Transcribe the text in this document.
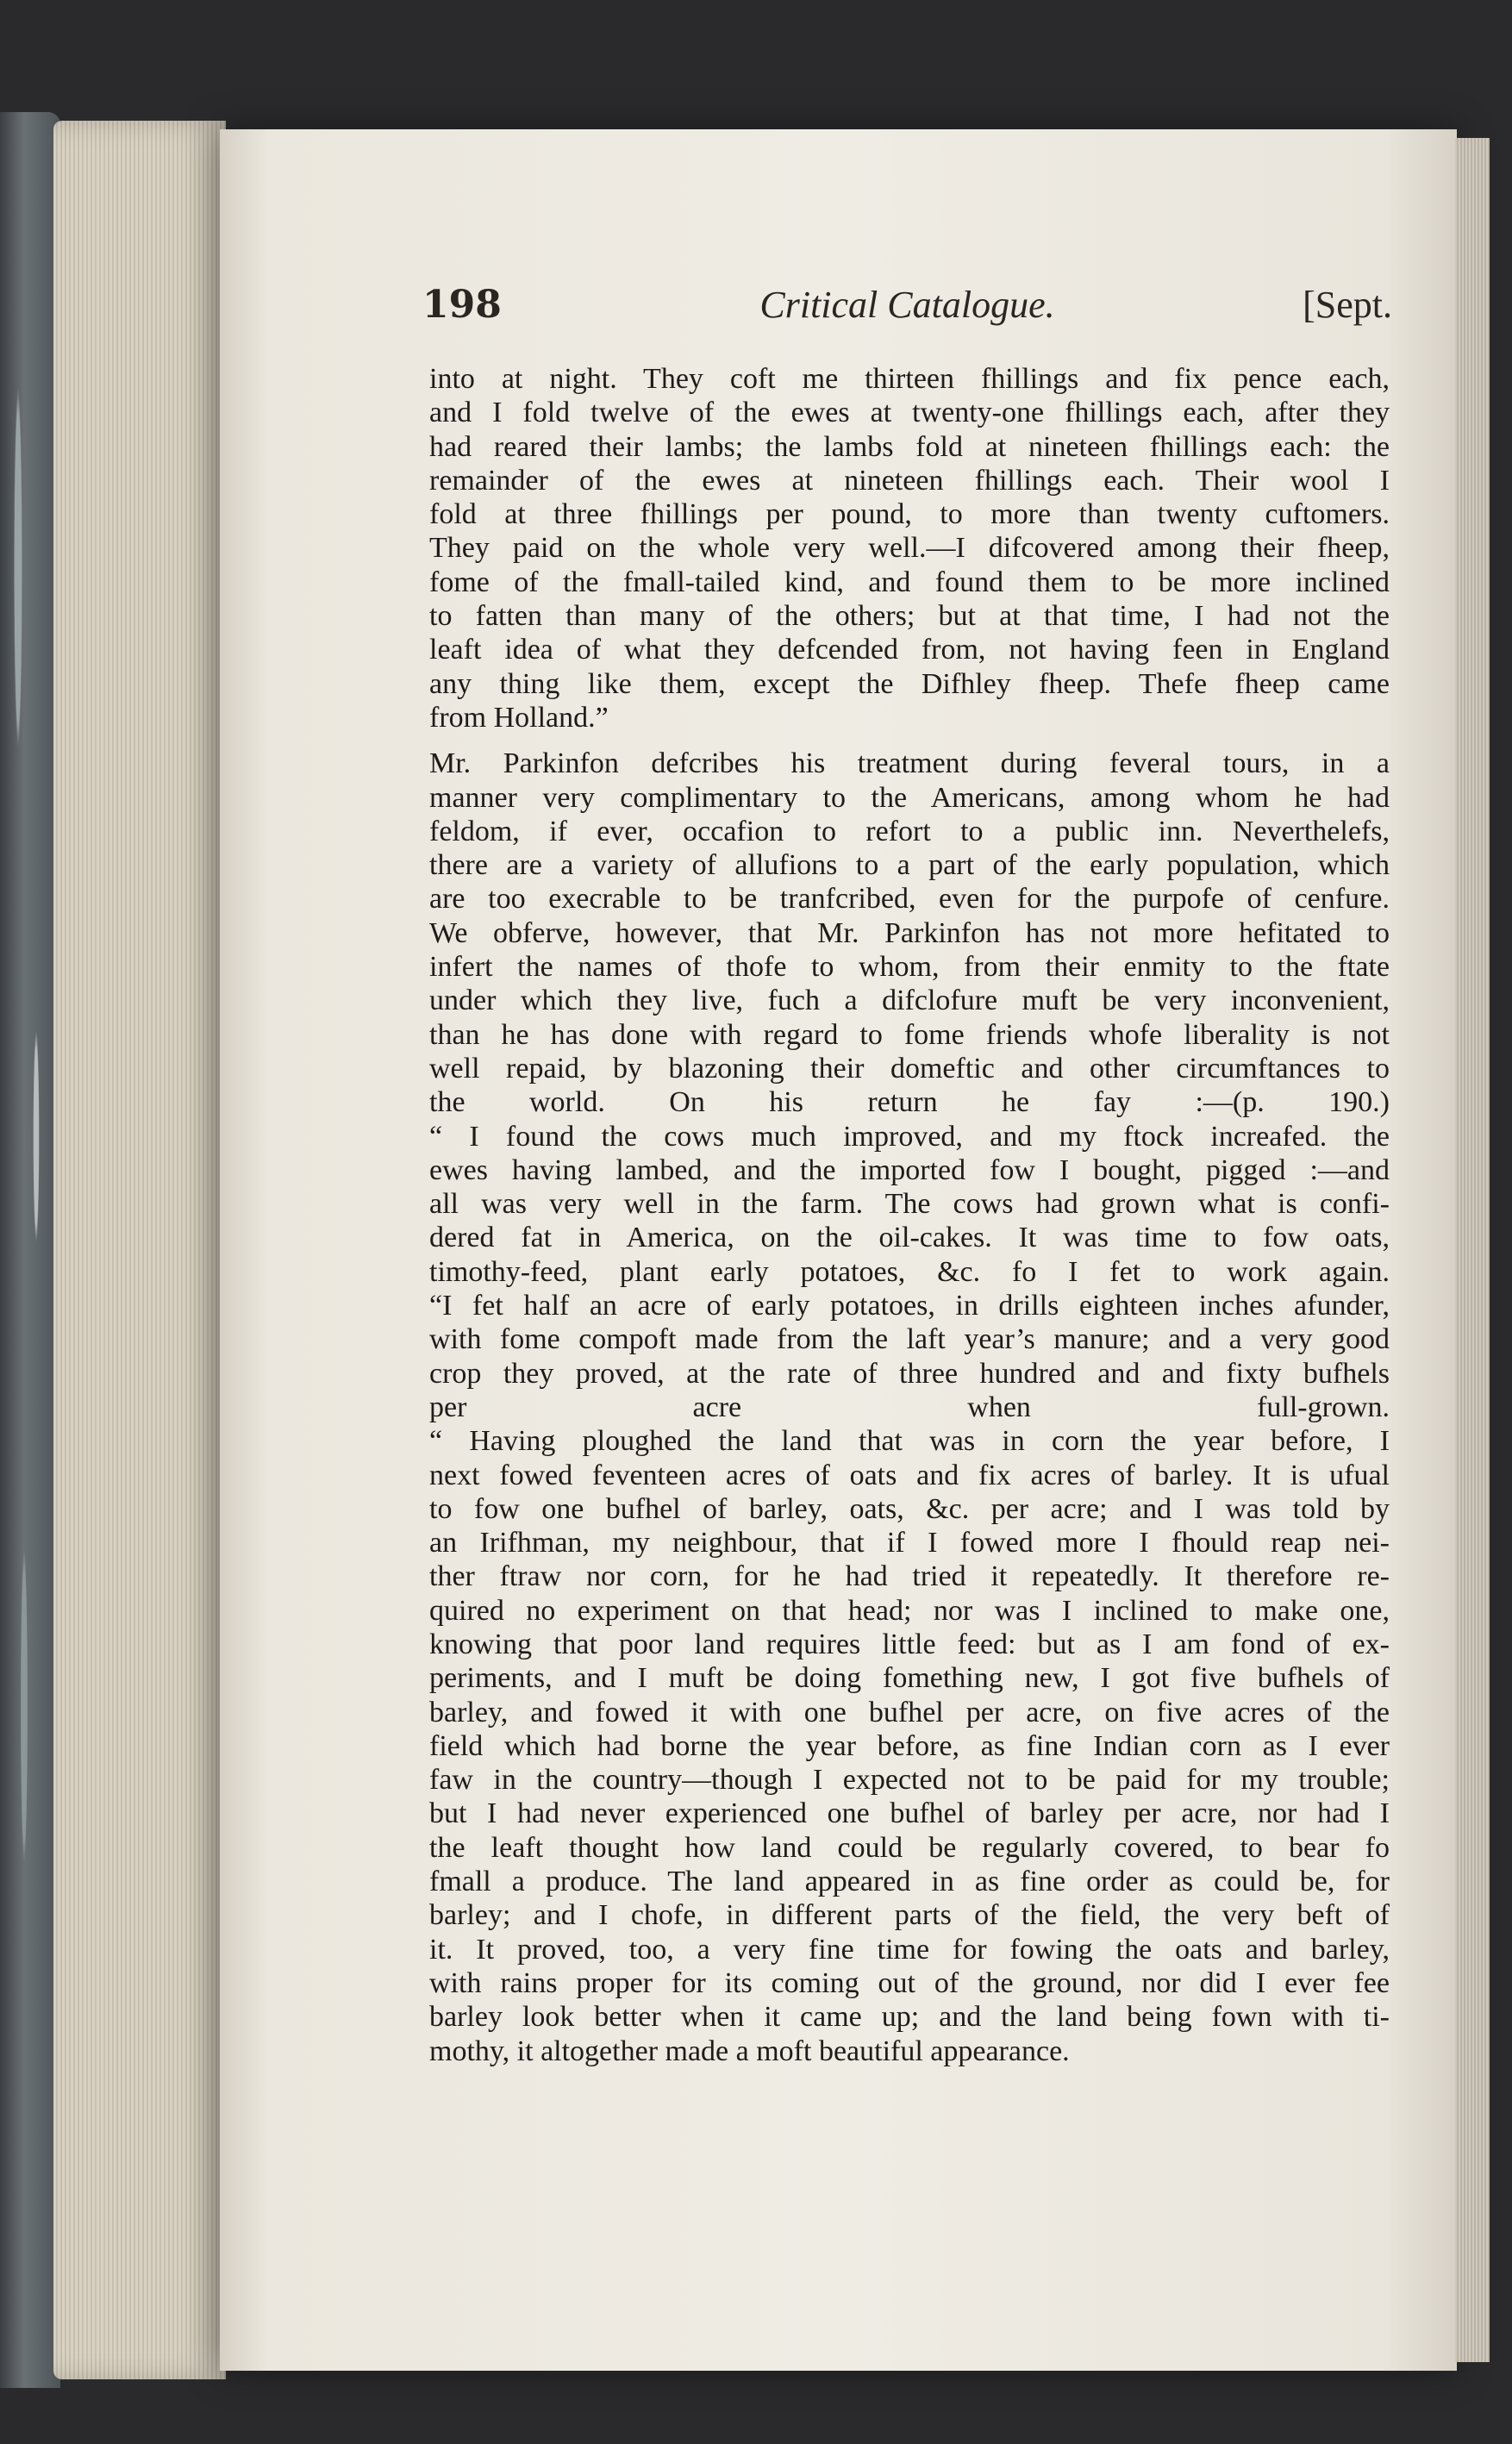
198	Critical Catalogue.	[Sept.
into at night. They coft me thirteen fhillings and fix pence each,
and I fold twelve of the ewes at twenty-one fhillings each, after they
had reared their lambs; the lambs fold at nineteen fhillings each: the
remainder of the ewes at nineteen fhillings each. Their wool I
fold at three fhillings per pound, to more than twenty cuftomers.
They paid on the whole very well.—I difcovered among their fheep,
fome of the fmall-tailed kind, and found them to be more inclined
to fatten than many of the others; but at that time, I had not the
leaft idea of what they defcended from, not having feen in England
any thing like them, except the Difhley fheep. Thefe fheep came
from Holland.”
Mr. Parkinfon defcribes his treatment during feveral tours, in a
manner very complimentary to the Americans, among whom he had
feldom, if ever, occafion to refort to a public inn. Neverthelefs,
there are a variety of allufions to a part of the early population, which
are too execrable to be tranfcribed, even for the purpofe of cenfure.
We obferve, however, that Mr. Parkinfon has not more hefitated to
infert the names of thofe to whom, from their enmity to the ftate
under which they live, fuch a difclofure muft be very inconvenient,
than he has done with regard to fome friends whofe liberality is not
well repaid, by blazoning their domeftic and other circumftances to
the world. On his return he fay :—(p. 190.)
“ I found the cows much improved, and my ftock increafed. the
ewes having lambed, and the imported fow I bought, pigged :—and
all was very well in the farm. The cows had grown what is confi-
dered fat in America, on the oil-cakes. It was time to fow oats,
timothy-feed, plant early potatoes, &c. fo I fet to work again.
“I fet half an acre of early potatoes, in drills eighteen inches afunder,
with fome compoft made from the laft year’s manure; and a very good
crop they proved, at the rate of three hundred and and fixty bufhels
per acre when full-grown.
“ Having ploughed the land that was in corn the year before, I
next fowed feventeen acres of oats and fix acres of barley. It is ufual
to fow one bufhel of barley, oats, &c. per acre; and I was told by
an Irifhman, my neighbour, that if I fowed more I fhould reap nei-
ther ftraw nor corn, for he had tried it repeatedly. It therefore re-
quired no experiment on that head; nor was I inclined to make one,
knowing that poor land requires little feed: but as I am fond of ex-
periments, and I muft be doing fomething new, I got five bufhels of
barley, and fowed it with one bufhel per acre, on five acres of the
field which had borne the year before, as fine Indian corn as I ever
faw in the country—though I expected not to be paid for my trouble;
but I had never experienced one bufhel of barley per acre, nor had I
the leaft thought how land could be regularly covered, to bear fo
fmall a produce. The land appeared in as fine order as could be, for
barley; and I chofe, in different parts of the field, the very beft of
it. It proved, too, a very fine time for fowing the oats and barley,
with rains proper for its coming out of the ground, nor did I ever fee
barley look better when it came up; and the land being fown with ti-
mothy, it altogether made a moft beautiful appearance.
